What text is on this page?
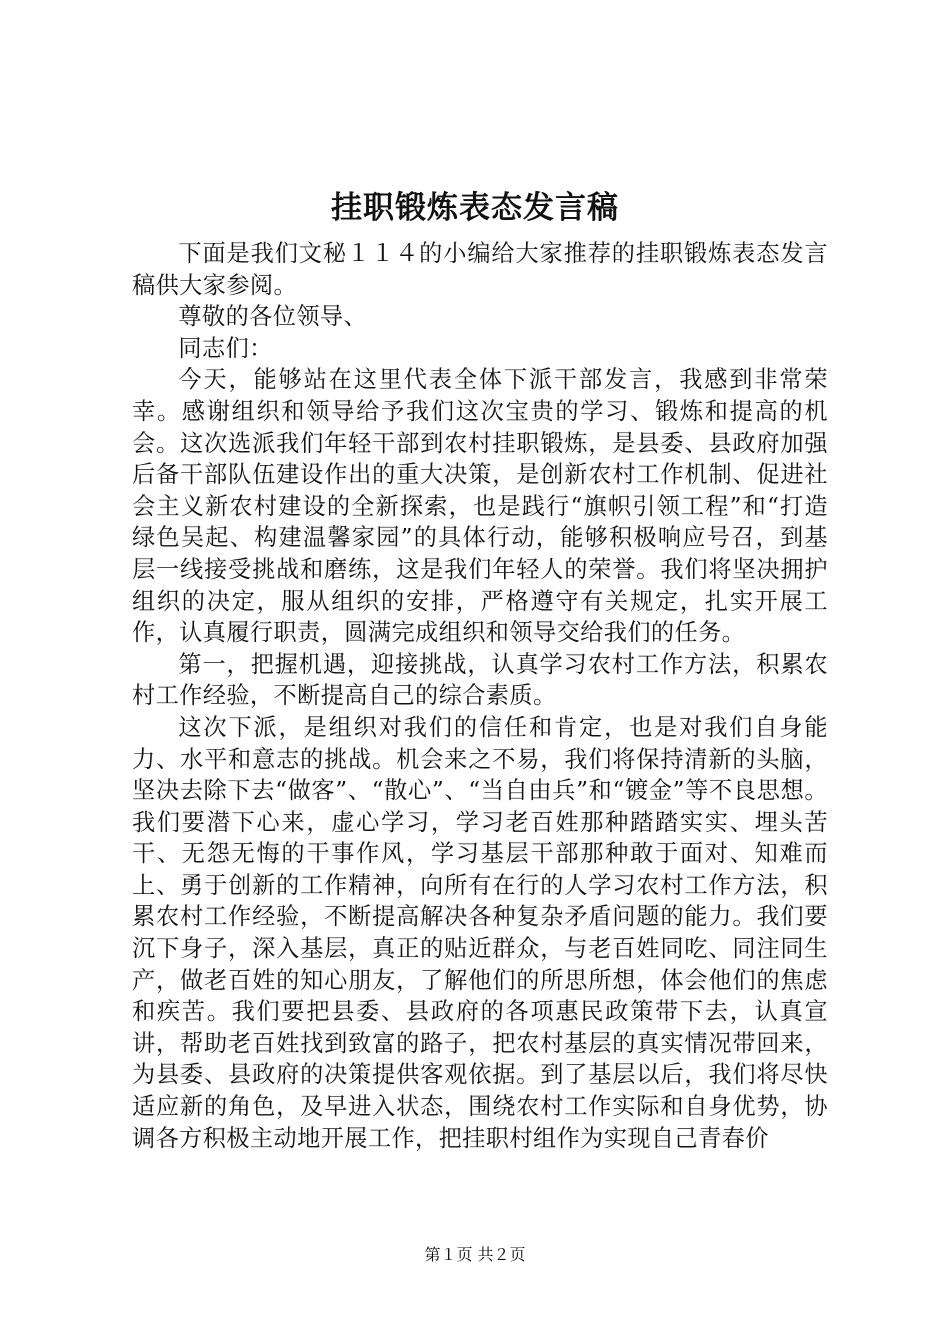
挂职锻炼表态发言稿

下面是我们文秘１１４的小编给大家推荐的挂职锻炼表态发言稿供大家参阅。

尊敬的各位领导、

同志们：

今天，能够站在这里代表全体下派干部发言，我感到非常荣幸。感谢组织和领导给予我们这次宝贵的学习、锻炼和提高的机会。这次选派我们年轻干部到农村挂职锻炼，是县委、县政府加强后备干部队伍建设作出的重大决策，是创新农村工作机制、促进社会主义新农村建设的全新探索，也是践行“旗帜引领工程”和“打造绿色吴起、构建温馨家园”的具体行动，能够积极响应号召，到基层一线接受挑战和磨练，这是我们年轻人的荣誉。我们将坚决拥护组织的决定，服从组织的安排，严格遵守有关规定，扎实开展工作，认真履行职责，圆满完成组织和领导交给我们的任务。

第一，把握机遇，迎接挑战，认真学习农村工作方法，积累农村工作经验，不断提高自己的综合素质。

这次下派，是组织对我们的信任和肯定，也是对我们自身能力、水平和意志的挑战。机会来之不易，我们将保持清新的头脑，坚决去除下去“做客”、“散心”、“当自由兵”和“镀金”等不良思想。我们要潜下心来，虚心学习，学习老百姓那种踏踏实实、埋头苦干、无怨无悔的干事作风，学习基层干部那种敢于面对、知难而上、勇于创新的工作精神，向所有在行的人学习农村工作方法，积累农村工作经验，不断提高解决各种复杂矛盾问题的能力。我们要沉下身子，深入基层，真正的贴近群众，与老百姓同吃、同注同生产，做老百姓的知心朋友，了解他们的所思所想，体会他们的焦虑和疾苦。我们要把县委、县政府的各项惠民政策带下去，认真宣讲，帮助老百姓找到致富的路子，把农村基层的真实情况带回来，为县委、县政府的决策提供客观依据。到了基层以后，我们将尽快适应新的角色，及早进入状态，围绕农村工作实际和自身优势，协调各方积极主动地开展工作，把挂职村组作为实现自己青春价

第１页 共２页
